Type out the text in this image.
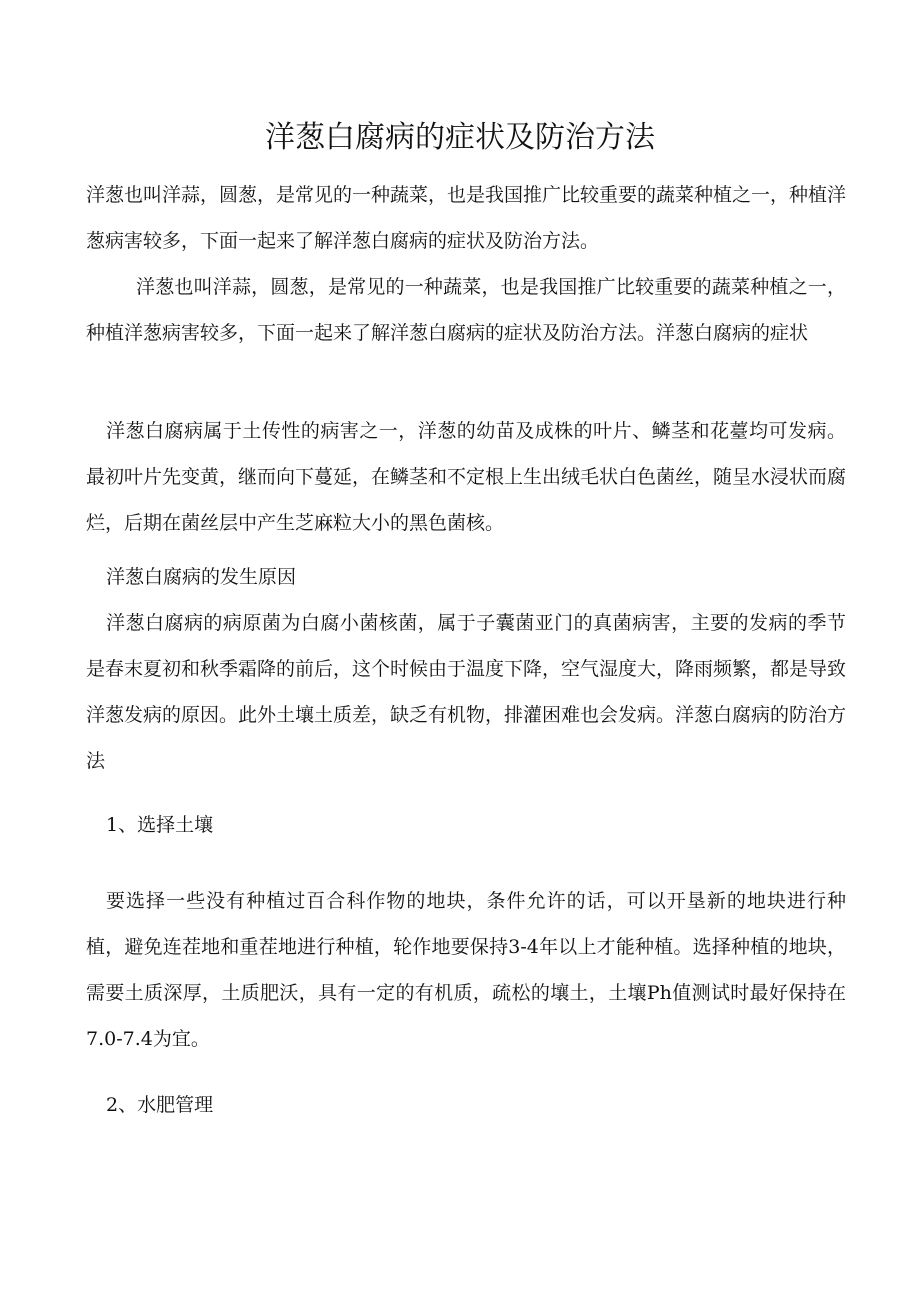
洋葱白腐病的症状及防治方法

洋葱也叫洋蒜，圆葱，是常见的一种蔬菜，也是我国推广比较重要的蔬菜种植之一，种植洋葱病害较多，下面一起来了解洋葱白腐病的症状及防治方法。

洋葱也叫洋蒜，圆葱，是常见的一种蔬菜，也是我国推广比较重要的蔬菜种植之一，种植洋葱病害较多，下面一起来了解洋葱白腐病的症状及防治方法。洋葱白腐病的症状

洋葱白腐病属于土传性的病害之一，洋葱的幼苗及成株的叶片、鳞茎和花薹均可发病。最初叶片先变黄，继而向下蔓延，在鳞茎和不定根上生出绒毛状白色菌丝，随呈水浸状而腐烂，后期在菌丝层中产生芝麻粒大小的黑色菌核。

洋葱白腐病的发生原因

洋葱白腐病的病原菌为白腐小菌核菌，属于子囊菌亚门的真菌病害，主要的发病的季节是春末夏初和秋季霜降的前后，这个时候由于温度下降，空气湿度大，降雨频繁，都是导致洋葱发病的原因。此外土壤土质差，缺乏有机物，排灌困难也会发病。洋葱白腐病的防治方法

1、选择土壤

要选择一些没有种植过百合科作物的地块，条件允许的话，可以开垦新的地块进行种植，避免连茬地和重茬地进行种植，轮作地要保持3-4年以上才能种植。选择种植的地块，需要土质深厚，土质肥沃，具有一定的有机质，疏松的壤土，土壤Ph值测试时最好保持在7.0-7.4为宜。

2、水肥管理
